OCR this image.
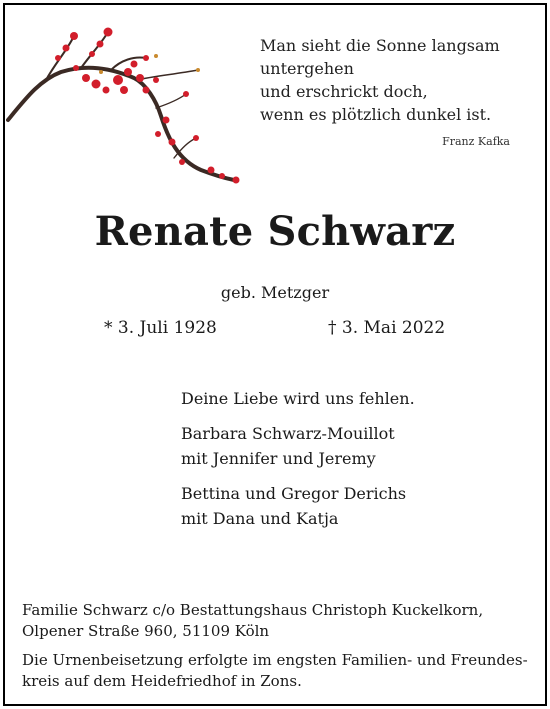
Man sieht die Sonne langsam
untergehen
und erschrickt doch,
wenn es plötzlich dunkel ist.
Franz Kafka
Renate Schwarz
geb. Metzger
* 3. Juli 1928	† 3. Mai 2022
Deine Liebe wird uns fehlen.
Barbara Schwarz-Mouillot
mit Jennifer und Jeremy
Bettina und Gregor Derichs
mit Dana und Katja
Familie Schwarz c/o Bestattungshaus Christoph Kuckelkorn,
Olpener Straße 960, 51109 Köln
Die Urnenbeisetzung erfolgte im engsten Familien- und Freundes-
kreis auf dem Heidefriedhof in Zons.
